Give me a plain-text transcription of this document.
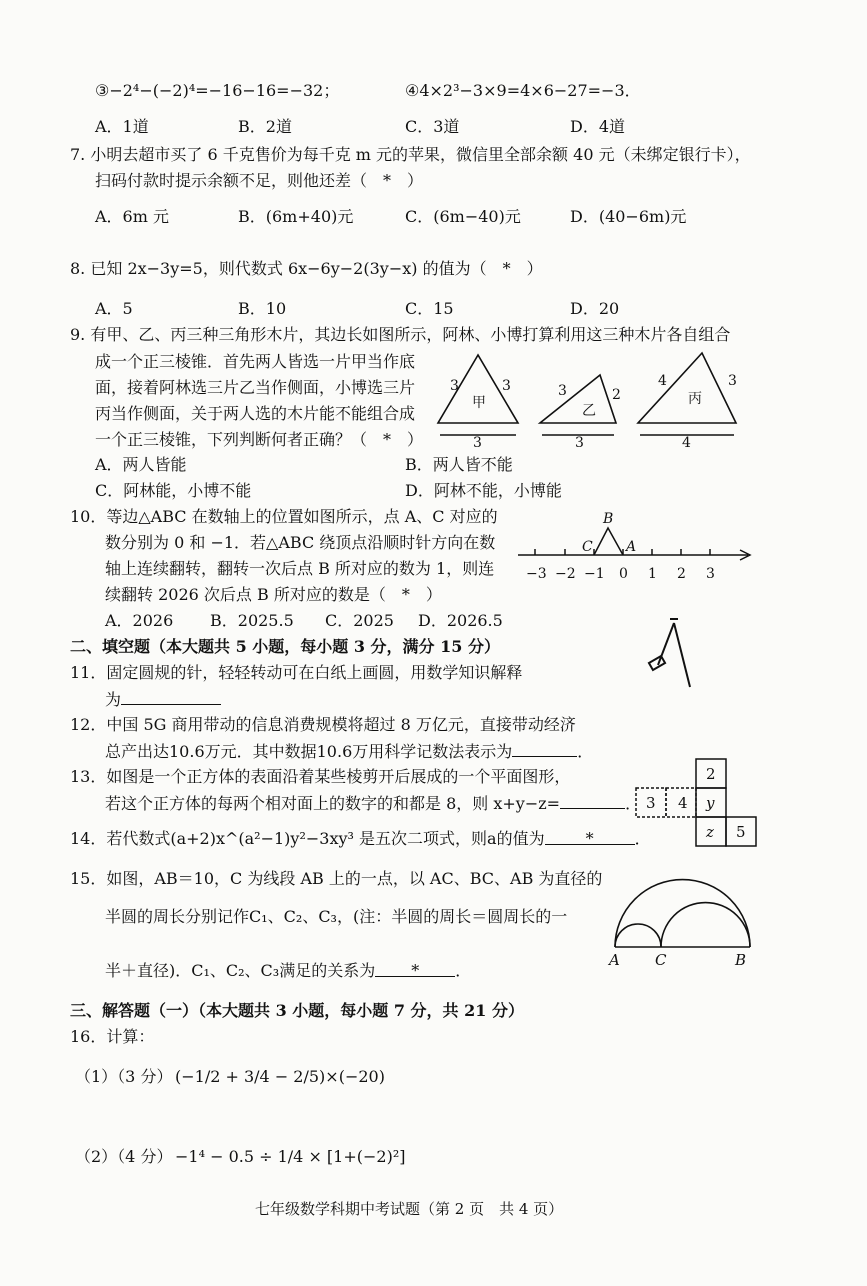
③−2⁴−(−2)⁴=−16−16=−32；	④4×2³−3×9=4×6−27=−3．
A．1道	B．2道	C．3道	D．4道
7. 小明去超市买了 6 千克售价为每千克 m 元的苹果，微信里全部余额 40 元（未绑定银行卡），
扫码付款时提示余额不足，则他还差（　*　）
A．6m 元	B．(6m+40)元	C．(6m−40)元	D．(40−6m)元
8. 已知 2x−3y=5，则代数式 6x−6y−2(3y−x) 的值为（　*　）
A．5	B．10	C．15	D．20
9. 有甲、乙、丙三种三角形木片，其边长如图所示，阿林、小博打算利用这三种木片各自组合
成一个正三棱锥．首先两人皆选一片甲当作底
面，接着阿林选三片乙当作侧面，小博选三片
丙当作侧面，关于两人选的木片能不能组合成
一个正三棱锥，下列判断何者正确？（　*　）
3	3
甲
3
3	2
乙
3
4	3
丙
4
A．两人皆能	B．两人皆不能
C．阿林能，小博不能	D．阿林不能，小博能
10．等边△ABC 在数轴上的位置如图所示，点 A、C 对应的
数分别为 0 和 −1．若△ABC 绕顶点沿顺时针方向在数
轴上连续翻转，翻转一次后点 B 所对应的数为 1，则连
续翻转 2026 次后点 B 所对应的数是（　*　）
B
C A
−3 −2 −1 0 1 2 3
A．2026 B．2025.5 C．2025 D．2026.5
二、填空题（本大题共 5 小题，每小题 3 分，满分 15 分）
11．固定圆规的针，轻轻转动可在白纸上画圆，用数学知识解释
为
12．中国 5G 商用带动的信息消费规模将超过 8 万亿元，直接带动经济
总产出达10.6万元．其中数据10.6万用科学记数法表示为	．
13．如图是一个正方体的表面沿着某些棱剪开后展成的一个平面图形，
若这个正方体的每两个相对面上的数字的和都是 8，则 x+y−z=	．
2
3 4 y
z 5
14．若代数式(a+2)x^(a²−1)y²−3xy³ 是五次二项式，则a的值为	*	．
15．如图，AB＝10，C 为线段 AB 上的一点，以 AC、BC、AB 为直径的
半圆的周长分别记作C₁、C₂、C₃，(注：半圆的周长＝圆周长的一
半＋直径)．C₁、C₂、C₃满足的关系为 * ．
A C	B
三、解答题（一）（本大题共 3 小题，每小题 7 分，共 21 分）
16．计算：
（1）（3 分） (−1/2 + 3/4 − 2/5)×(−20)
（2）（4 分） −1⁴ − 0.5 ÷ 1/4 × [1+(−2)²]
七年级数学科期中考试题（第 2 页　共 4 页）
